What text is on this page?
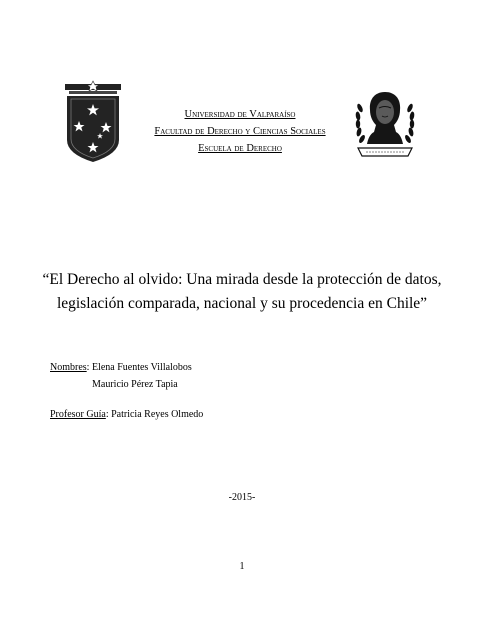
Universidad de Valparaíso
Facultad de Derecho y Ciencias Sociales
Escuela de Derecho
“El Derecho al olvido: Una mirada desde la protección de datos,
legislación comparada, nacional y su procedencia en Chile”
Nombres: Elena Fuentes Villalobos
Mauricio Pérez Tapia
Profesor Guía: Patricia Reyes Olmedo
-2015-
1
